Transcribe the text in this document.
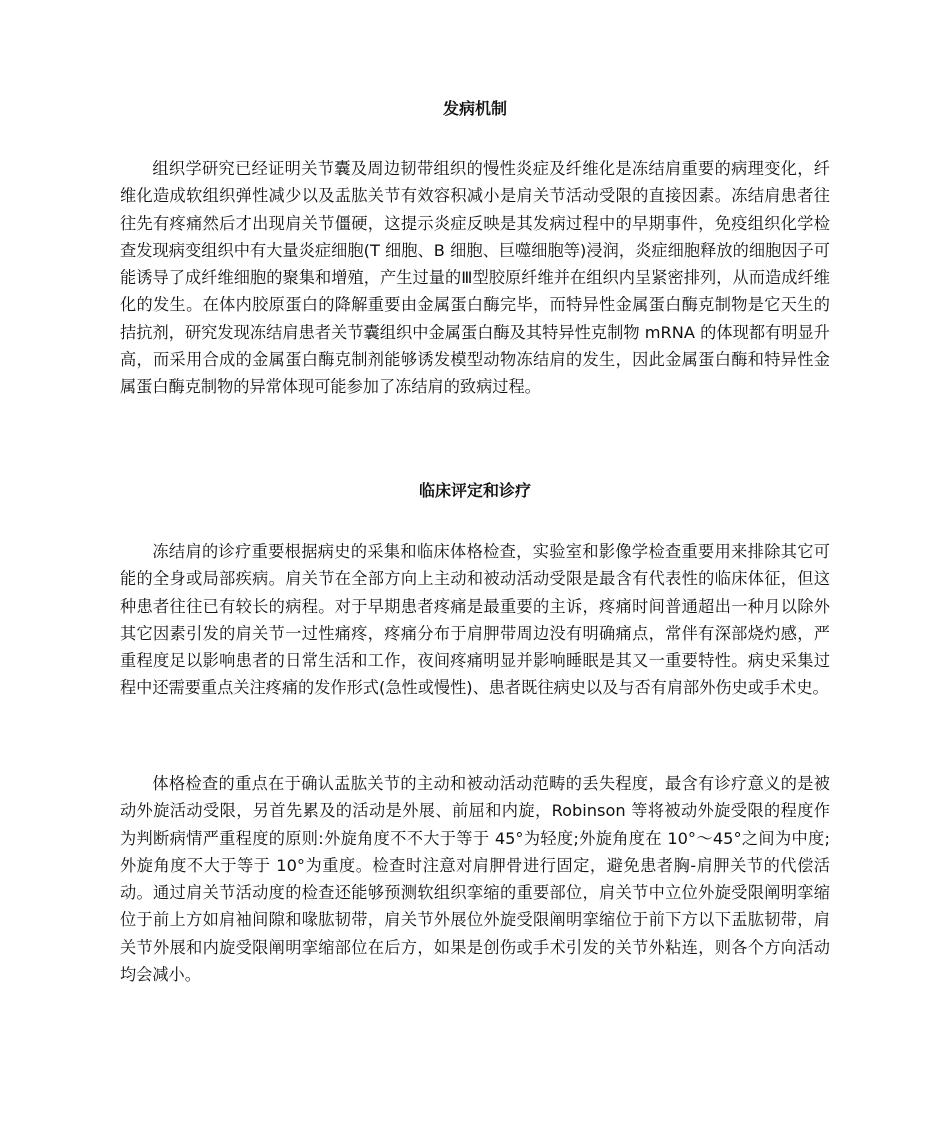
发病机制

组织学研究已经证明关节囊及周边韧带组织的慢性炎症及纤维化是冻结肩重要的病理变化，纤维化造成软组织弹性减少以及盂肱关节有效容积减小是肩关节活动受限的直接因素。冻结肩患者往往先有疼痛然后才出现肩关节僵硬，这提示炎症反映是其发病过程中的早期事件，免疫组织化学检查发现病变组织中有大量炎症细胞(T 细胞、B 细胞、巨噬细胞等)浸润，炎症细胞释放的细胞因子可能诱导了成纤维细胞的聚集和增殖，产生过量的Ⅲ型胶原纤维并在组织内呈紧密排列，从而造成纤维化的发生。在体内胶原蛋白的降解重要由金属蛋白酶完毕，而特异性金属蛋白酶克制物是它天生的拮抗剂，研究发现冻结肩患者关节囊组织中金属蛋白酶及其特异性克制物 mRNA 的体现都有明显升高，而采用合成的金属蛋白酶克制剂能够诱发模型动物冻结肩的发生，因此金属蛋白酶和特异性金属蛋白酶克制物的异常体现可能参加了冻结肩的致病过程。

临床评定和诊疗

冻结肩的诊疗重要根据病史的采集和临床体格检查，实验室和影像学检查重要用来排除其它可能的全身或局部疾病。肩关节在全部方向上主动和被动活动受限是最含有代表性的临床体征，但这种患者往往已有较长的病程。对于早期患者疼痛是最重要的主诉，疼痛时间普通超出一种月以除外其它因素引发的肩关节一过性痛疼，疼痛分布于肩胛带周边没有明确痛点，常伴有深部烧灼感，严重程度足以影响患者的日常生活和工作，夜间疼痛明显并影响睡眠是其又一重要特性。病史采集过程中还需要重点关注疼痛的发作形式(急性或慢性)、患者既往病史以及与否有肩部外伤史或手术史。

体格检查的重点在于确认盂肱关节的主动和被动活动范畴的丢失程度，最含有诊疗意义的是被动外旋活动受限，另首先累及的活动是外展、前屈和内旋，Robinson 等将被动外旋受限的程度作为判断病情严重程度的原则:外旋角度不不大于等于 45°为轻度;外旋角度在 10°～45°之间为中度;外旋角度不大于等于 10°为重度。检查时注意对肩胛骨进行固定，避免患者胸-肩胛关节的代偿活动。通过肩关节活动度的检查还能够预测软组织挛缩的重要部位，肩关节中立位外旋受限阐明挛缩位于前上方如肩袖间隙和喙肱韧带，肩关节外展位外旋受限阐明挛缩位于前下方以下盂肱韧带，肩关节外展和内旋受限阐明挛缩部位在后方，如果是创伤或手术引发的关节外粘连，则各个方向活动均会减小。
